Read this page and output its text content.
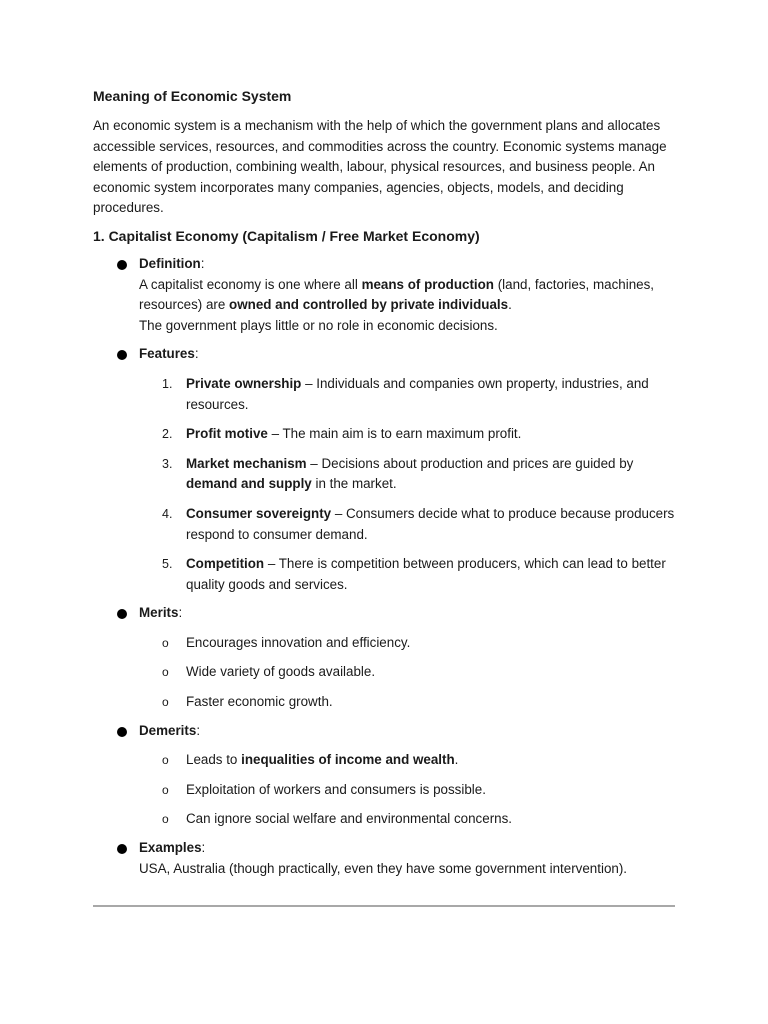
Meaning of Economic System

An economic system is a mechanism with the help of which the government plans and allocates accessible services, resources, and commodities across the country. Economic systems manage elements of production, combining wealth, labour, physical resources, and business people. An economic system incorporates many companies, agencies, objects, models, and deciding procedures.

1. Capitalist Economy (Capitalism / Free Market Economy)

Definition:

A capitalist economy is one where all means of production (land, factories, machines, resources) are owned and controlled by private individuals.

The government plays little or no role in economic decisions.

Features:

1.	Private ownership – Individuals and companies own property, industries, and resources.
2.	Profit motive – The main aim is to earn maximum profit.
3.	Market mechanism – Decisions about production and prices are guided by demand and supply in the market.
4.	Consumer sovereignty – Consumers decide what to produce because producers respond to consumer demand.
5.	Competition – There is competition between producers, which can lead to better quality goods and services.

Merits:

o	Encourages innovation and efficiency.
o	Wide variety of goods available.
o	Faster economic growth.

Demerits:

o	Leads to inequalities of income and wealth.
o	Exploitation of workers and consumers is possible.
o	Can ignore social welfare and environmental concerns.

Examples:

USA, Australia (though practically, even they have some government intervention).
